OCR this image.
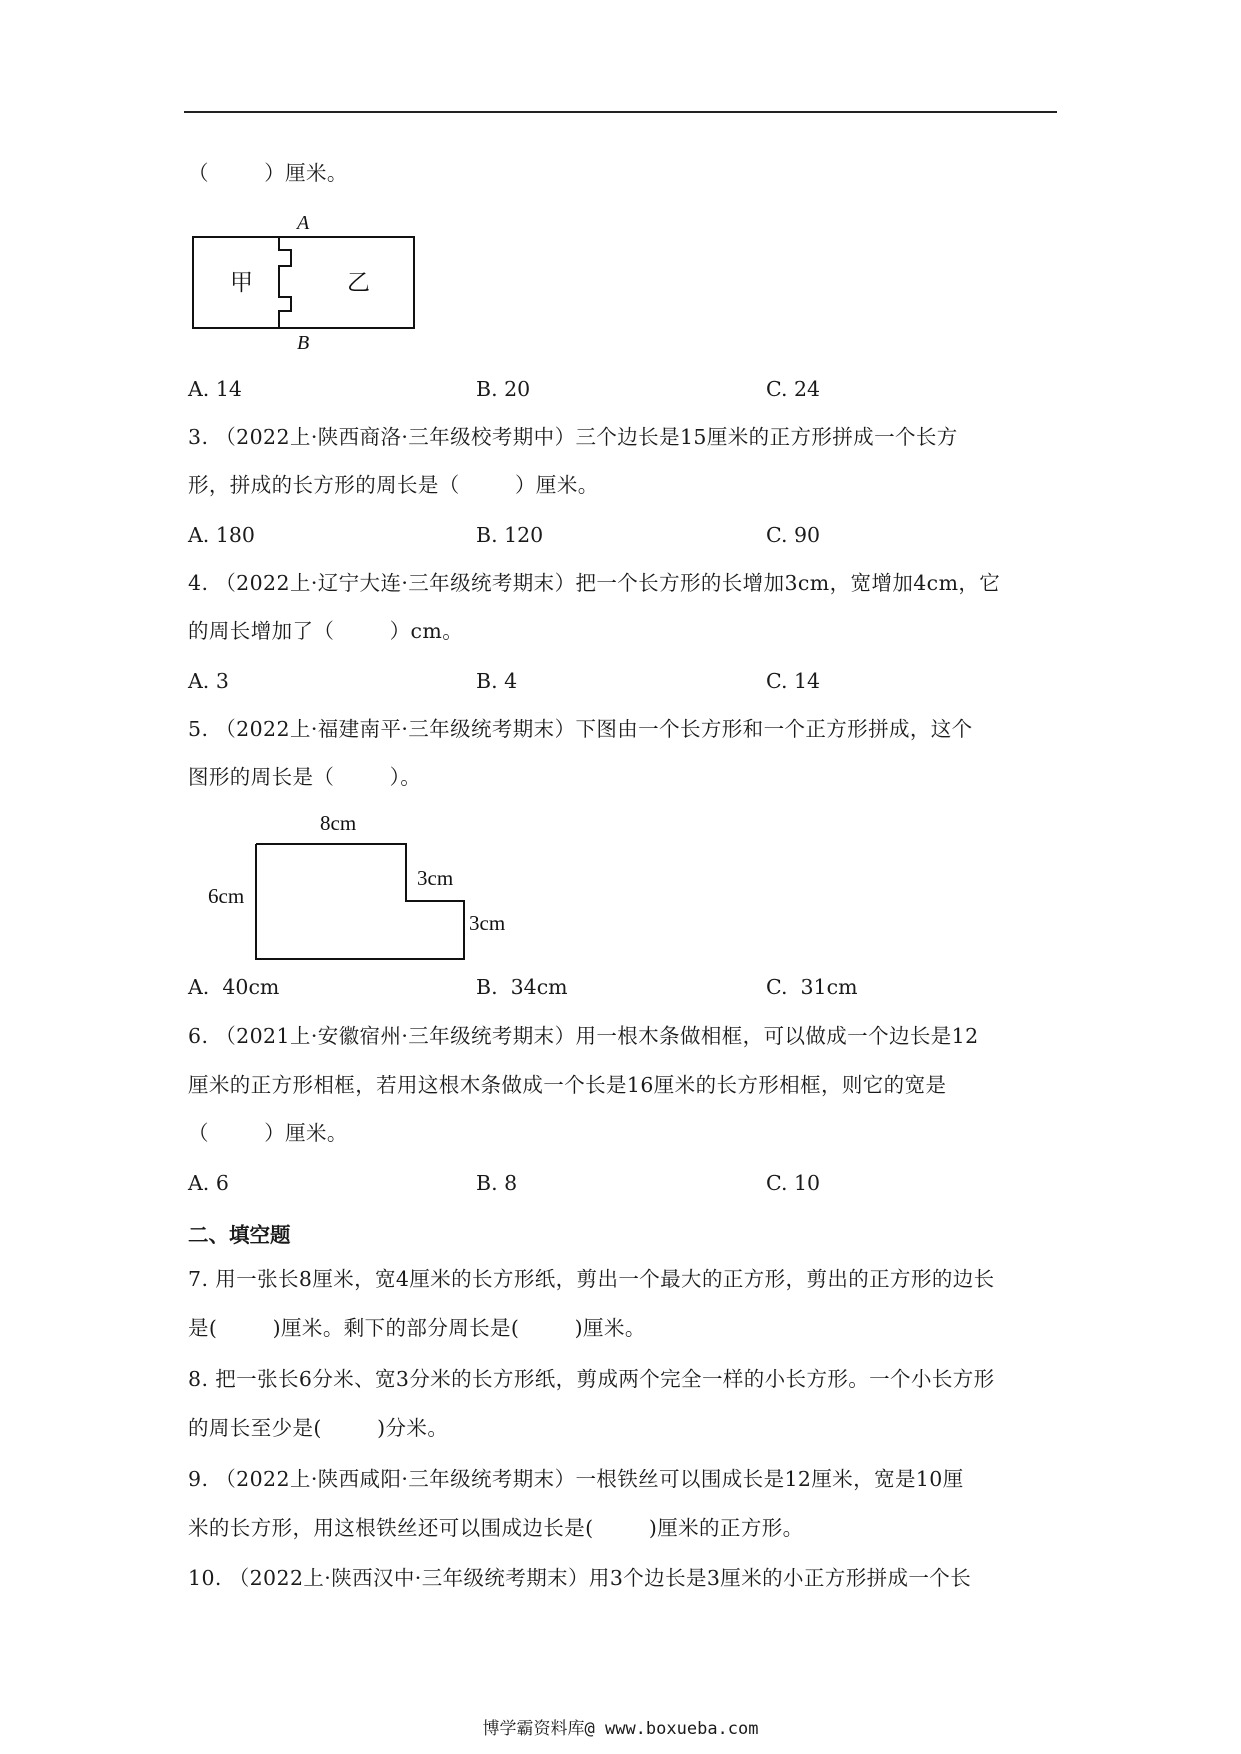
（        ）厘米。
A
B
甲	乙
A. 14	B. 20	C. 24
3. （2022上·陕西商洛·三年级校考期中）三个边长是15厘米的正方形拼成一个长方
形，拼成的长方形的周长是（        ）厘米。
A. 180	B. 120	C. 90
4. （2022上·辽宁大连·三年级统考期末）把一个长方形的长增加3cm，宽增加4cm，它
的周长增加了（        ）cm。
A. 3	B. 4	C. 14
5. （2022上·福建南平·三年级统考期末）下图由一个长方形和一个正方形拼成，这个
图形的周长是（        ）。
8cm
6cm
3cm
3cm
A.  40cm	B.  34cm	C.  31cm
6. （2021上·安徽宿州·三年级统考期末）用一根木条做相框，可以做成一个边长是12
厘米的正方形相框，若用这根木条做成一个长是16厘米的长方形相框，则它的宽是
（        ）厘米。
A. 6	B. 8	C. 10
二、填空题
7. 用一张长8厘米，宽4厘米的长方形纸，剪出一个最大的正方形，剪出的正方形的边长
是(        )厘米。剩下的部分周长是(        )厘米。
8. 把一张长6分米、宽3分米的长方形纸，剪成两个完全一样的小长方形。一个小长方形
的周长至少是(        )分米。
9. （2022上·陕西咸阳·三年级统考期末）一根铁丝可以围成长是12厘米，宽是10厘
米的长方形，用这根铁丝还可以围成边长是(        )厘米的正方形。
10. （2022上·陕西汉中·三年级统考期末）用3个边长是3厘米的小正方形拼成一个长
博学霸资料库@ www.boxueba.com
